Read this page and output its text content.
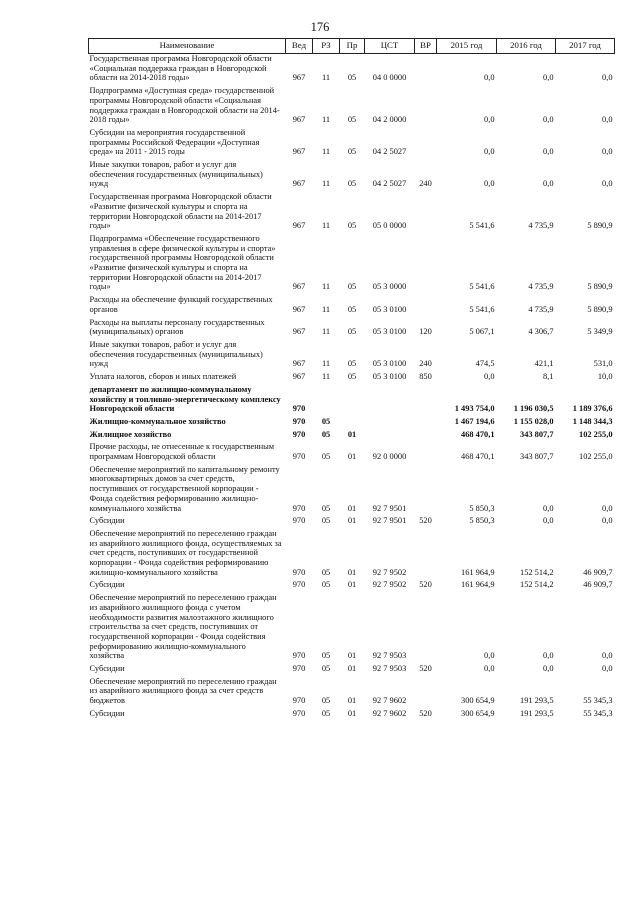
176
Наименование	Вед	РЗ	Пр	ЦСТ	ВР	2015 год	2016 год	2017 год
Государственная программа Новгородской области «Социальная поддержка граждан в Новгородской области на 2014-2018 годы»	967	11	05	04 0 0000		0,0	0,0	0,0
Подпрограмма «Доступная среда» государственной программы Новгородской области «Социальная поддержка граждан в Новгородской области на 2014-2018 годы»	967	11	05	04 2 0000		0,0	0,0	0,0
Субсидии на мероприятия государственной программы Российской Федерации «Доступная среда» на 2011 - 2015 годы	967	11	05	04 2 5027		0,0	0,0	0,0
Иные закупки товаров, работ и услуг для обеспечения государственных (муниципальных) нужд	967	11	05	04 2 5027	240	0,0	0,0	0,0
Государственная программа Новгородской области «Развитие физической культуры и спорта на территории Новгородской области на 2014-2017 годы»	967	11	05	05 0 0000		5 541,6	4 735,9	5 890,9
Подпрограмма «Обеспечение государственного управления в сфере физической культуры и спорта» государственной программы Новгородской области «Развитие физической культуры и спорта на территории Новгородской области на 2014-2017 годы»	967	11	05	05 3 0000		5 541,6	4 735,9	5 890,9
Расходы на обеспечение функций государственных органов	967	11	05	05 3 0100		5 541,6	4 735,9	5 890,9
Расходы на выплаты персоналу государственных (муниципальных) органов	967	11	05	05 3 0100	120	5 067,1	4 306,7	5 349,9
Иные закупки товаров, работ и услуг для обеспечения государственных (муниципальных) нужд	967	11	05	05 3 0100	240	474,5	421,1	531,0
Уплата налогов, сборов и иных платежей	967	11	05	05 3 0100	850	0,0	8,1	10,0
департамент по жилищно-коммунальному хозяйству и топливно-энергетическому комплексу Новгородской области	970					1 493 754,0	1 196 030,5	1 189 376,6
Жилищно-коммунальное хозяйство	970	05				1 467 194,6	1 155 028,0	1 148 344,3
Жилищное хозяйство	970	05	01			468 470,1	343 807,7	102 255,0
Прочие расходы, не отнесенные к государственным программам Новгородской области	970	05	01	92 0 0000		468 470,1	343 807,7	102 255,0
Обеспечение мероприятий по капитальному ремонту многоквартирных домов за счет средств, поступивших от государственной корпорации - Фонда содействия реформированию жилищно-коммунального хозяйства	970	05	01	92 7 9501		5 850,3	0,0	0,0
Субсидии	970	05	01	92 7 9501	520	5 850,3	0,0	0,0
Обеспечение мероприятий по переселению граждан из аварийного жилищного фонда, осуществляемых за счет средств, поступивших от государственной корпорации - Фонда содействия реформированию жилищно-коммунального хозяйства	970	05	01	92 7 9502		161 964,9	152 514,2	46 909,7
Субсидии	970	05	01	92 7 9502	520	161 964,9	152 514,2	46 909,7
Обеспечение мероприятий по переселению граждан из аварийного жилищного фонда с учетом необходимости развития малоэтажного жилищного строительства за счет средств, поступивших от государственной корпорации - Фонда содействия реформированию жилищно-коммунального хозяйства	970	05	01	92 7 9503		0,0	0,0	0,0
Субсидии	970	05	01	92 7 9503	520	0,0	0,0	0,0
Обеспечение мероприятий по переселению граждан из аварийного жилищного фонда за счет средств бюджетов	970	05	01	92 7 9602		300 654,9	191 293,5	55 345,3
Субсидии	970	05	01	92 7 9602	520	300 654,9	191 293,5	55 345,3
